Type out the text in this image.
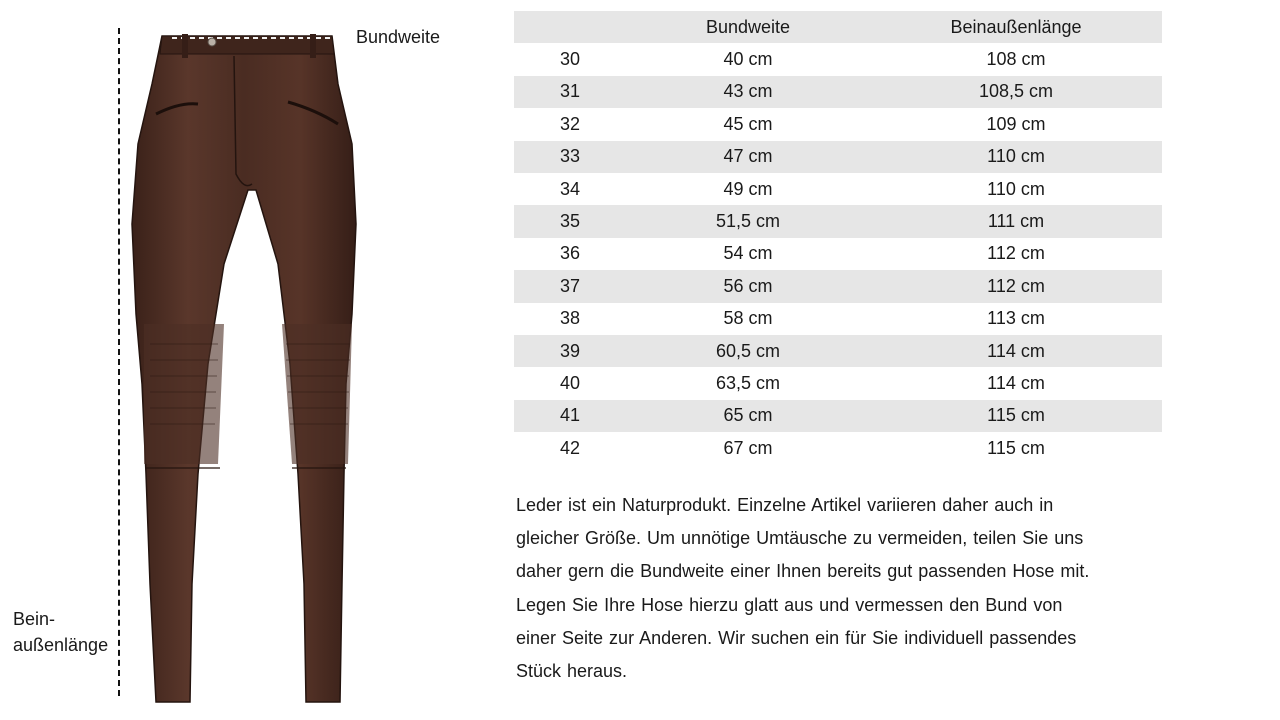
Bundweite
Bein-
außenlänge
	Bundweite	Beinaußenlänge
30	40 cm	108 cm
31	43 cm	108,5 cm
32	45 cm	109 cm
33	47 cm	110 cm
34	49 cm	110 cm
35	51,5 cm	111 cm
36	54 cm	112 cm
37	56 cm	112 cm
38	58 cm	113 cm
39	60,5 cm	114 cm
40	63,5 cm	114 cm
41	65 cm	115 cm
42	67 cm	115 cm

Leder ist ein Naturprodukt. Einzelne Artikel variieren daher auch in

gleicher Größe. Um unnötige Umtäusche zu vermeiden, teilen Sie uns

daher gern die Bundweite einer Ihnen bereits gut passenden Hose mit.

Legen Sie Ihre Hose hierzu glatt aus und vermessen den Bund von

einer Seite zur Anderen. Wir suchen ein für Sie individuell passendes

Stück heraus.
